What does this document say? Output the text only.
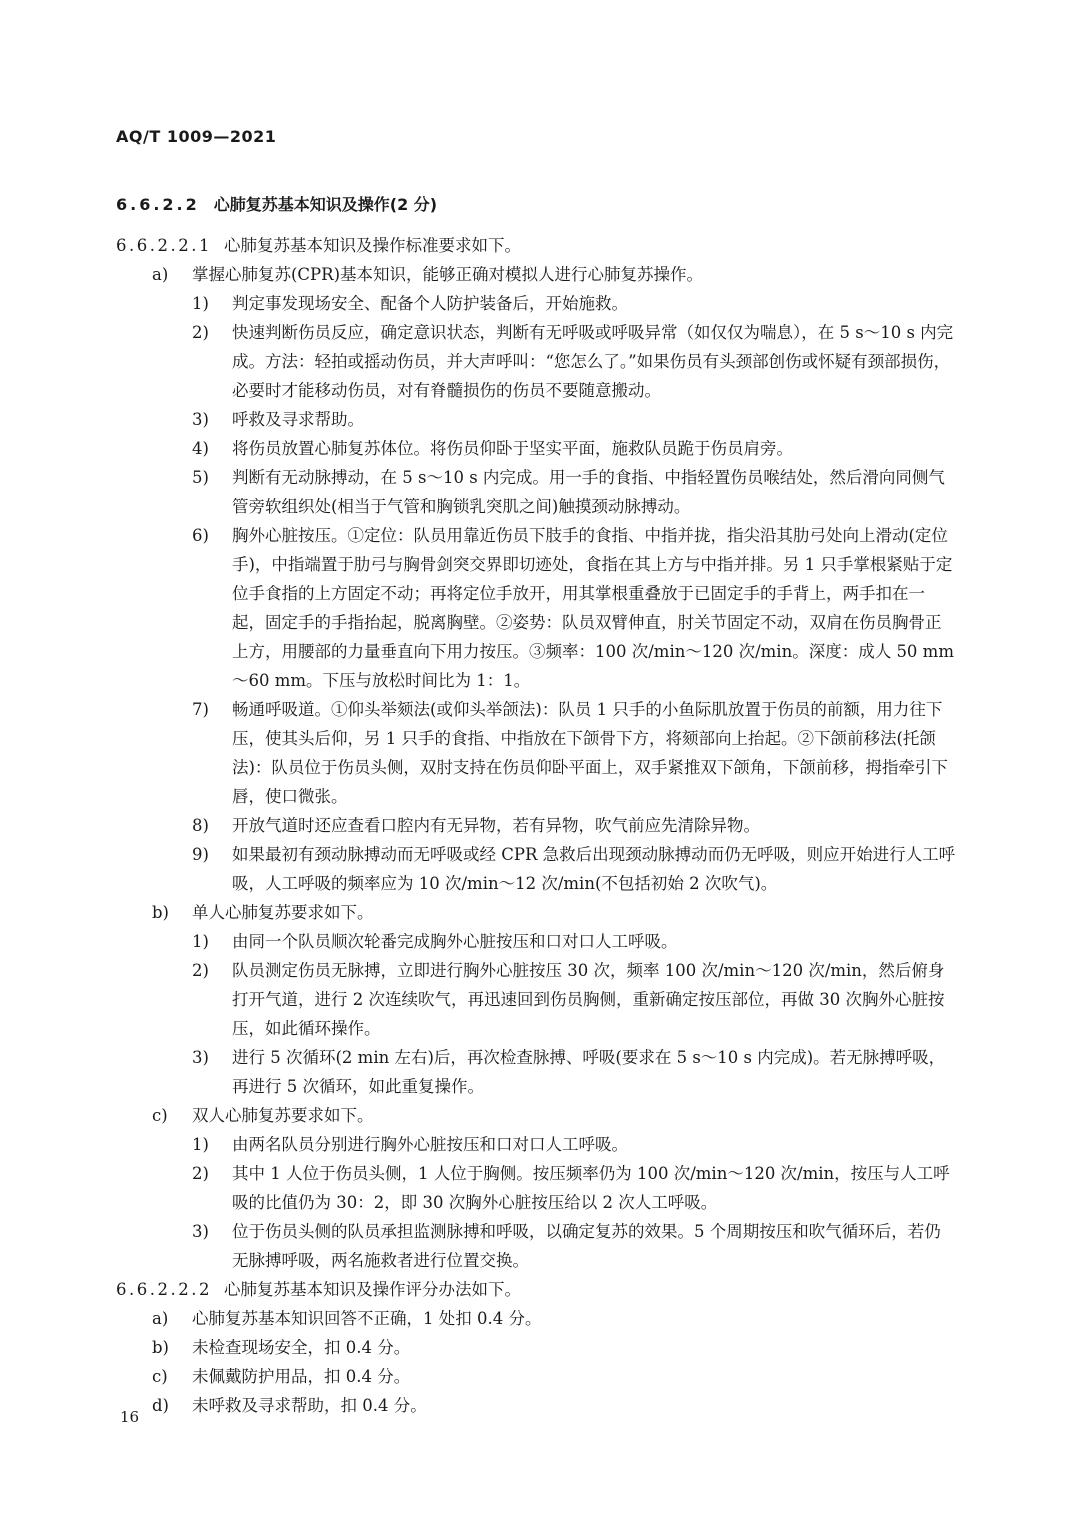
AQ/T 1009—2021
6.6.2.2 心肺复苏基本知识及操作(2 分)
6.6.2.2.1 心肺复苏基本知识及操作标准要求如下。
a) 掌握心肺复苏(CPR)基本知识，能够正确对模拟人进行心肺复苏操作。
1) 判定事发现场安全、配备个人防护装备后，开始施救。
2) 快速判断伤员反应，确定意识状态，判断有无呼吸或呼吸异常（如仅仅为喘息），在 5 s～10 s 内完成。方法：轻拍或摇动伤员，并大声呼叫：“您怎么了。”如果伤员有头颈部创伤或怀疑有颈部损伤，必要时才能移动伤员，对有脊髓损伤的伤员不要随意搬动。
3) 呼救及寻求帮助。
4) 将伤员放置心肺复苏体位。将伤员仰卧于坚实平面，施救队员跪于伤员肩旁。
5) 判断有无动脉搏动，在 5 s～10 s 内完成。用一手的食指、中指轻置伤员喉结处，然后滑向同侧气管旁软组织处(相当于气管和胸锁乳突肌之间)触摸颈动脉搏动。
6) 胸外心脏按压。①定位：队员用靠近伤员下肢手的食指、中指并拢，指尖沿其肋弓处向上滑动(定位手)，中指端置于肋弓与胸骨剑突交界即切迹处，食指在其上方与中指并排。另 1 只手掌根紧贴于定位手食指的上方固定不动；再将定位手放开，用其掌根重叠放于已固定手的手背上，两手扣在一起，固定手的手指抬起，脱离胸壁。②姿势：队员双臂伸直，肘关节固定不动，双肩在伤员胸骨正上方，用腰部的力量垂直向下用力按压。③频率：100 次/min～120 次/min。深度：成人 50 mm～60 mm。下压与放松时间比为 1：1。
7) 畅通呼吸道。①仰头举颏法(或仰头举颌法)：队员 1 只手的小鱼际肌放置于伤员的前额，用力往下压，使其头后仰，另 1 只手的食指、中指放在下颌骨下方，将颏部向上抬起。②下颌前移法(托颌法)：队员位于伤员头侧，双肘支持在伤员仰卧平面上，双手紧推双下颌角，下颌前移，拇指牵引下唇，使口微张。
8) 开放气道时还应查看口腔内有无异物，若有异物，吹气前应先清除异物。
9) 如果最初有颈动脉搏动而无呼吸或经 CPR 急救后出现颈动脉搏动而仍无呼吸，则应开始进行人工呼吸，人工呼吸的频率应为 10 次/min～12 次/min(不包括初始 2 次吹气)。
b) 单人心肺复苏要求如下。
1) 由同一个队员顺次轮番完成胸外心脏按压和口对口人工呼吸。
2) 队员测定伤员无脉搏，立即进行胸外心脏按压 30 次，频率 100 次/min～120 次/min，然后俯身打开气道，进行 2 次连续吹气，再迅速回到伤员胸侧，重新确定按压部位，再做 30 次胸外心脏按压，如此循环操作。
3) 进行 5 次循环(2 min 左右)后，再次检查脉搏、呼吸(要求在 5 s～10 s 内完成)。若无脉搏呼吸，再进行 5 次循环，如此重复操作。
c) 双人心肺复苏要求如下。
1) 由两名队员分别进行胸外心脏按压和口对口人工呼吸。
2) 其中 1 人位于伤员头侧，1 人位于胸侧。按压频率仍为 100 次/min～120 次/min，按压与人工呼吸的比值仍为 30：2，即 30 次胸外心脏按压给以 2 次人工呼吸。
3) 位于伤员头侧的队员承担监测脉搏和呼吸，以确定复苏的效果。5 个周期按压和吹气循环后，若仍无脉搏呼吸，两名施救者进行位置交换。
6.6.2.2.2 心肺复苏基本知识及操作评分办法如下。
a) 心肺复苏基本知识回答不正确，1 处扣 0.4 分。
b) 未检查现场安全，扣 0.4 分。
c) 未佩戴防护用品，扣 0.4 分。
d) 未呼救及寻求帮助，扣 0.4 分。
16
